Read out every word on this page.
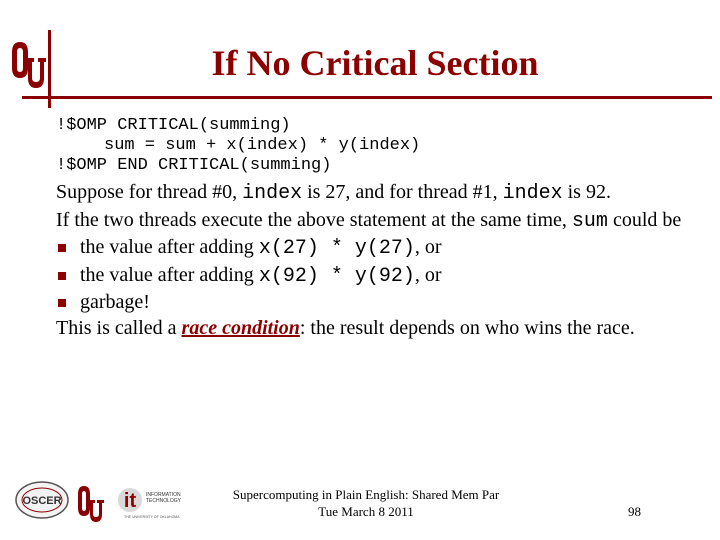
If No Critical Section
!$OMP CRITICAL(summing)
sum = sum + x(index) * y(index)
!$OMP END CRITICAL(summing)
Suppose for thread #0, index is 27, and for thread #1, index is 92.
If the two threads execute the above statement at the same time, sum could be
the value after adding x(27) * y(27), or
the value after adding x(92) * y(92), or
garbage!
This is called a race condition: the result depends on who wins the race.
OSCER	it INFORMATION
TECHNOLOGY
THE UNIVERSITY OF OKLAHOMA
Supercomputing in Plain English: Shared Mem Par
Tue March 8 2011	98
